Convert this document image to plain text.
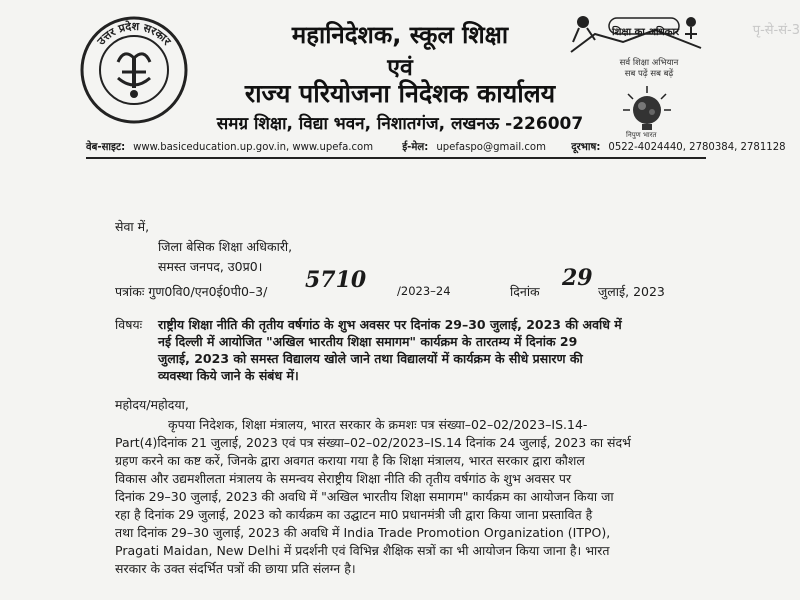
उत्तर प्रदेश सरकार	महानिदेशक, स्कूल शिक्षा
एवं
राज्य परियोजना निदेशक कार्यालय
समग्र शिक्षा, विद्या भवन, निशातगंज, लखनऊ -226007
शिक्षा का अधिकार
सर्व शिक्षा अभियान
सब पढ़ें सब बढ़ें
निपुण भारत
पृ-से-सं-3
वेब-साइट: www.basiceducation.up.gov.in, www.upefa.com	ई-मेल: upefaspo@gmail.com दूरभाष: 0522-4024440, 2780384, 2781128
सेवा में,
जिला बेसिक शिक्षा अधिकारी,
समस्त जनपद, उ0प्र0।
पत्रांकः गुण0वि0/एन0ई0पी0–3/ 5710	/2023–24	दिनांक
29
जुलाई, 2023
विषयः राष्ट्रीय शिक्षा नीति की तृतीय वर्षगांठ के शुभ अवसर पर दिनांक 29–30 जुलाई, 2023 की अवधि में
नई दिल्ली में आयोजित "अखिल भारतीय शिक्षा समागम" कार्यक्रम के तारतम्य में दिनांक 29
जुलाई, 2023 को समस्त विद्यालय खोले जाने तथा विद्यालयों में कार्यक्रम के सीधे प्रसारण की
व्यवस्था किये जाने के संबंध में।
महोदय/महोदया,
कृपया निदेशक, शिक्षा मंत्रालय, भारत सरकार के क्रमशः पत्र संख्या–02–02/2023–IS.14-
Part(4)दिनांक 21 जुलाई, 2023 एवं पत्र संख्या–02–02/2023–IS.14 दिनांक 24 जुलाई, 2023 का संदर्भ
ग्रहण करने का कष्ट करें, जिनके द्वारा अवगत कराया गया है कि शिक्षा मंत्रालय, भारत सरकार द्वारा कौशल
विकास और उद्यमशीलता मंत्रालय के समन्वय सेराष्ट्रीय शिक्षा नीति की तृतीय वर्षगांठ के शुभ अवसर पर
दिनांक 29–30 जुलाई, 2023 की अवधि में "अखिल भारतीय शिक्षा समागम" कार्यक्रम का आयोजन किया जा
रहा है दिनांक 29 जुलाई, 2023 को कार्यक्रम का उद्घाटन मा0 प्रधानमंत्री जी द्वारा किया जाना प्रस्तावित है
तथा दिनांक 29–30 जुलाई, 2023 की अवधि में India Trade Promotion Organization (ITPO),
Pragati Maidan, New Delhi में प्रदर्शनी एवं विभिन्न शैक्षिक सत्रों का भी आयोजन किया जाना है। भारत
सरकार के उक्त संदर्भित पत्रों की छाया प्रति संलग्न है।
